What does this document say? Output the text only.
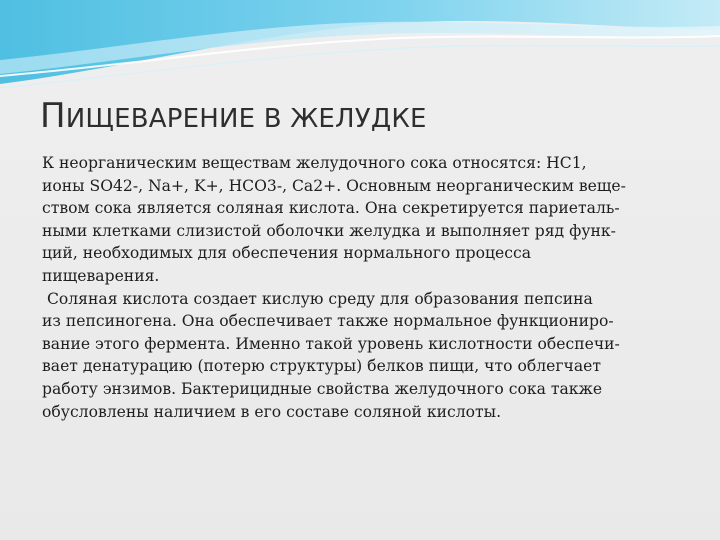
ПИЩЕВАРЕНИЕ В ЖЕЛУДКЕ

К неорганическим веществам желудочного сока относятся: НС1,

ионы SO42-, Na+, K+, HCO3-, Ca2+. Основным неорганическим веще-

ством сока является соляная кислота. Она секретируется париеталь-

ными клетками слизистой оболочки желудка и выполняет ряд функ-

ций, необходимых для обеспечения нормального процесса

пищеварения.

Соляная кислота создает кислую среду для образования пепсина

из пепсиногена. Она обеспечивает также нормальное функциониро-

вание этого фермента. Именно такой уровень кислотности обеспечи-

вает денатурацию (потерю структуры) белков пищи, что облегчает

работу энзимов. Бактерицидные свойства желудочного сока также

обусловлены наличием в его составе соляной кислоты.
